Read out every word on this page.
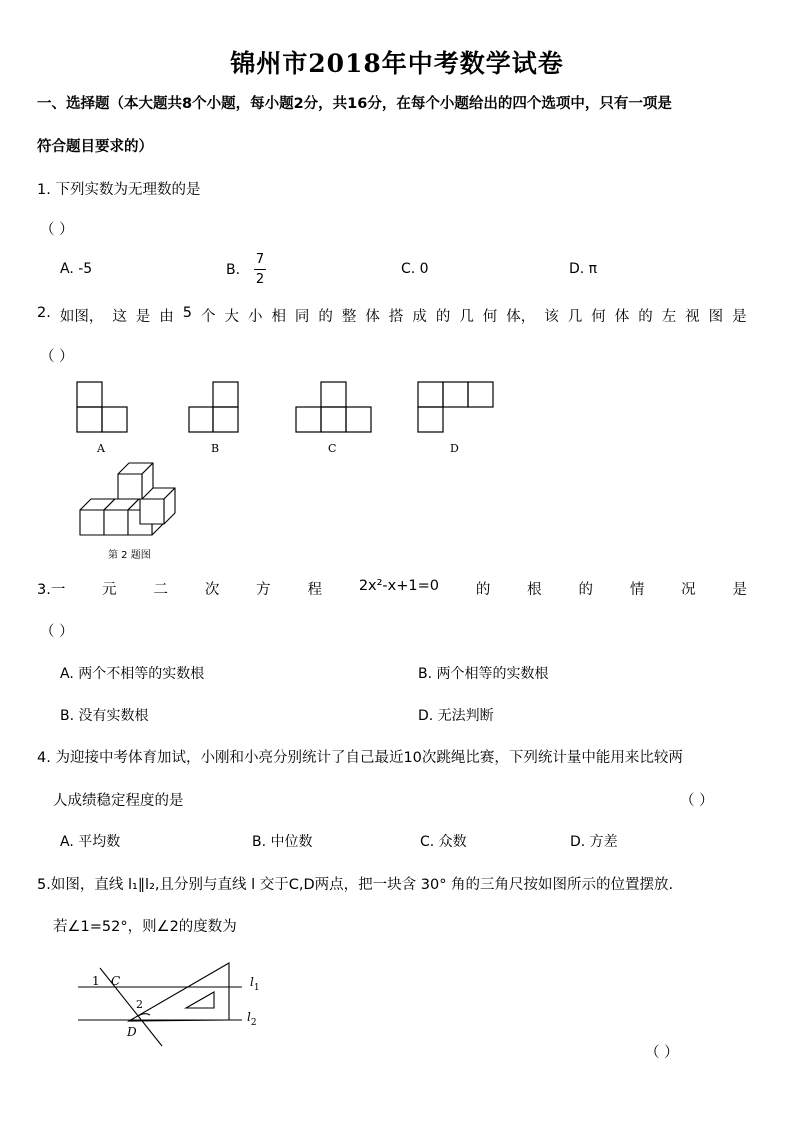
锦州市2018年中考数学试卷
一、选择题（本大题共8个小题，每小题2分，共16分，在每个小题给出的四个选项中，只有一项是
符合题目要求的）
1. 下列实数为无理数的是
（ ）
A. -5	B. $\frac{7}{2}$	C. 0	D. π
2. 如图， 这 是 由 5 个 大 小 相 同 的 整 体 搭 成 的 几 何 体， 该 几 何 体 的 左 视 图 是
（ ）
A	B	C	D
第 2 题图
3.一	元	二	次	方	程	2x²-x+1=0	的	根	的	情	况	是
（ ）
A. 两个不相等的实数根	B. 两个相等的实数根
B. 没有实数根	D. 无法判断
4. 为迎接中考体育加试，小刚和小亮分别统计了自己最近10次跳绳比赛，下列统计量中能用来比较两
人成绩稳定程度的是	（ ）
A. 平均数	B. 中位数	C. 众数	D. 方差
5.如图，直线 l₁∥l₂,且分别与直线 l 交于C,D两点，把一块含 30° 角的三角尺按如图所示的位置摆放.
若∠1=52°，则∠2的度数为
1 C
2
D
$l_1$
$l_2$
（ ）
